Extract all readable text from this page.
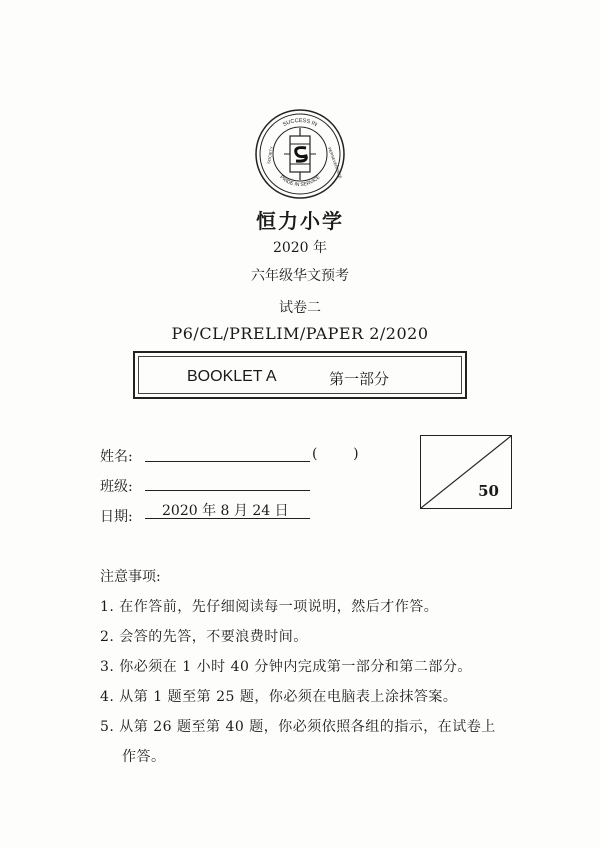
SUCCESS IN
PRIDE IN SERVICE PERSEVERANCE
SOCIETY
恒力小学
2020 年
六年级华文预考
试卷二
P6/CL/PRELIM/PAPER 2/2020
BOOKLET A	第一部分
姓名:	(        )
班级:
日期: 2020 年 8 月 24 日
50
注意事项:
1. 在作答前，先仔细阅读每一项说明，然后才作答。
2. 会答的先答，不要浪费时间。
3. 你必须在 1 小时 40 分钟内完成第一部分和第二部分。
4. 从第 1 题至第 25 题，你必须在电脑表上涂抹答案。
5. 从第 26 题至第 40 题，你必须依照各组的指示，在试卷上
作答。
